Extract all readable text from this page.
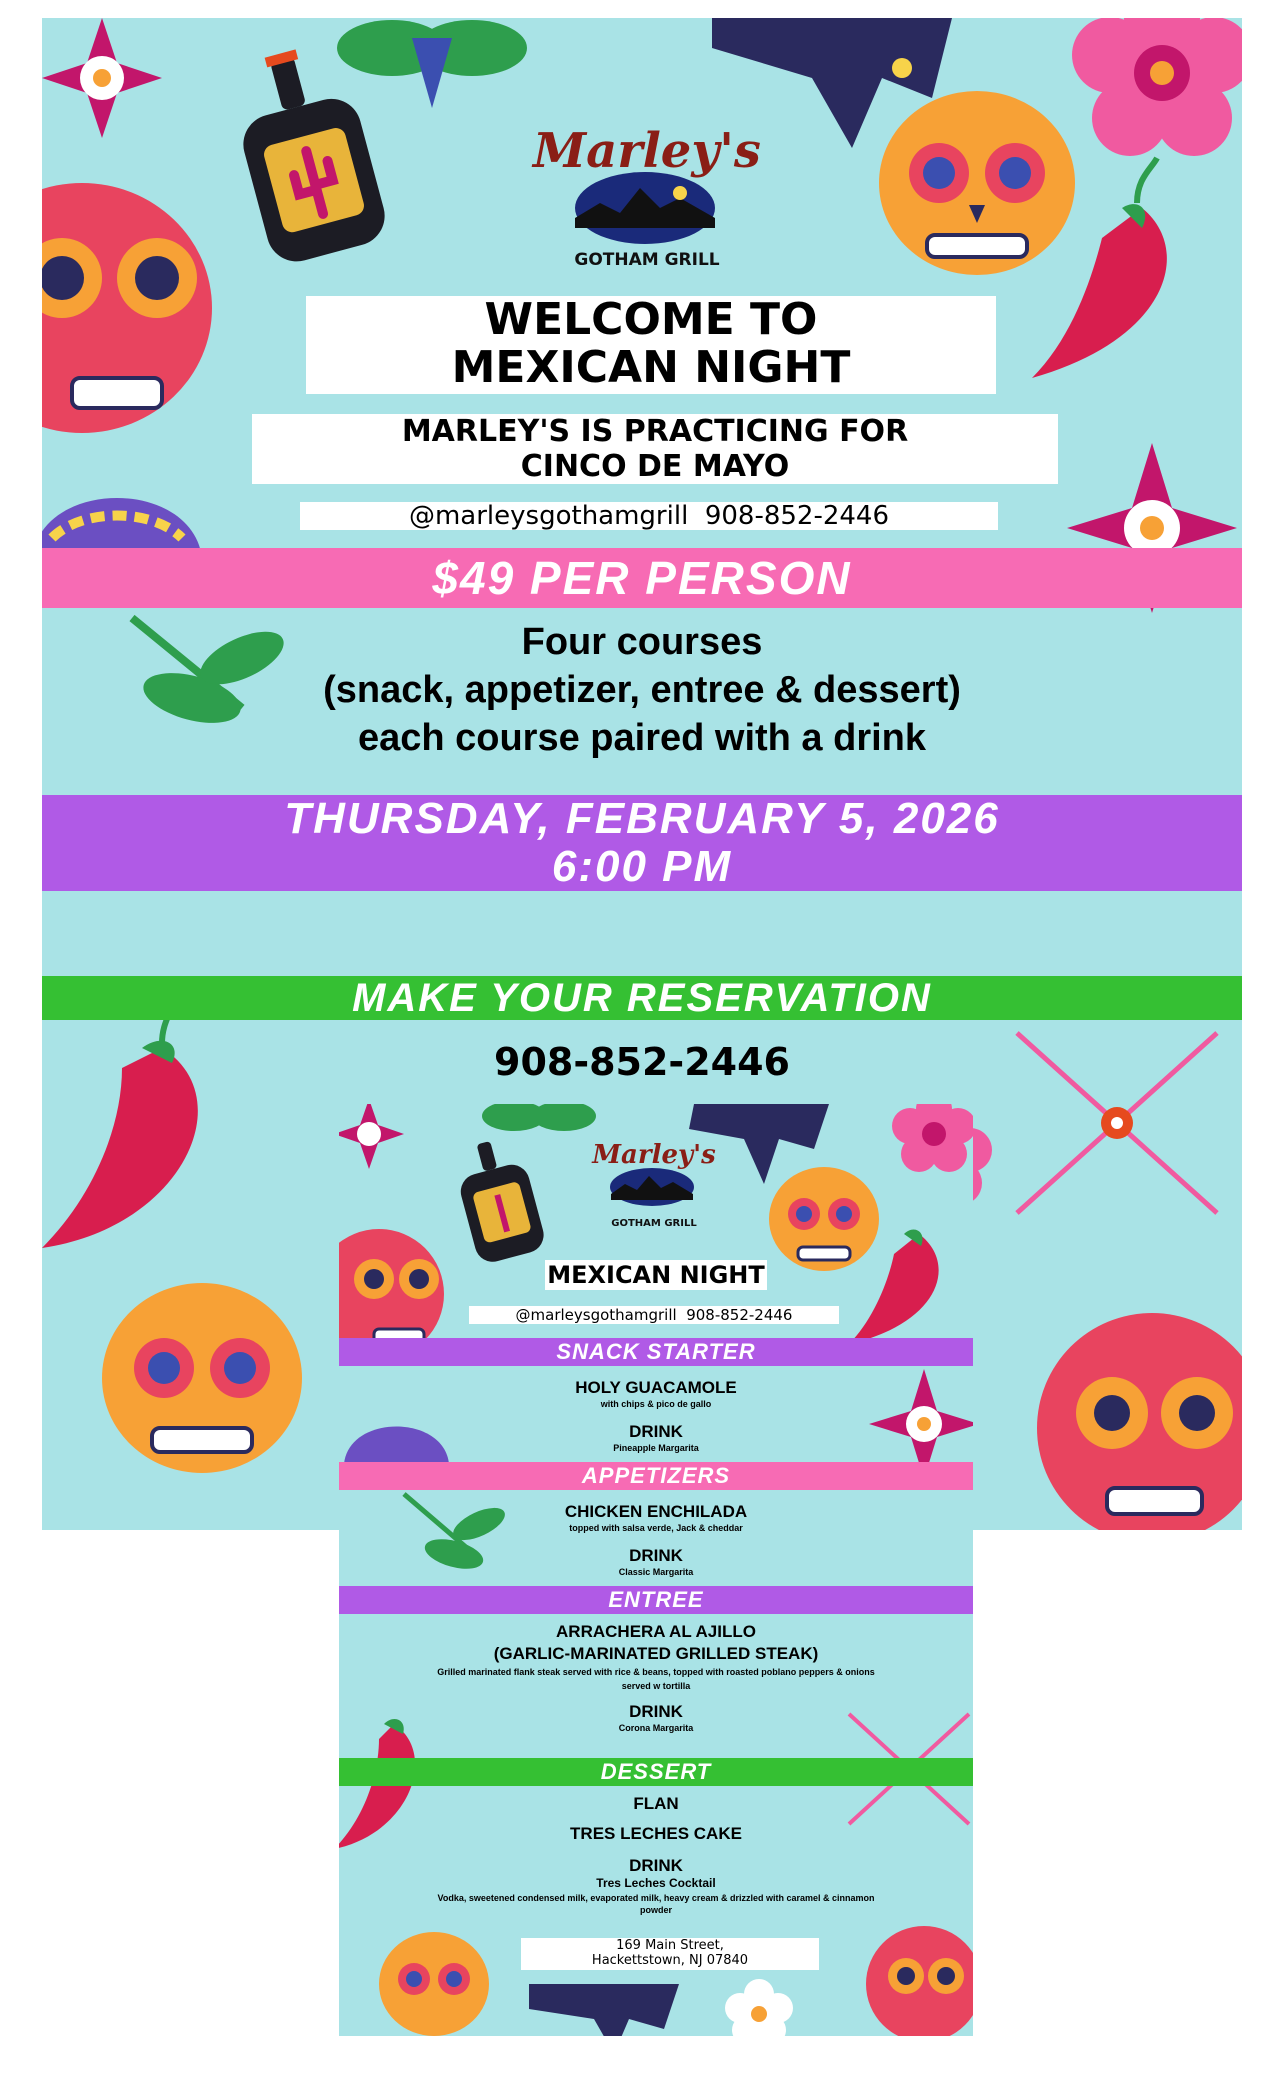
Marley's
GOTHAM GRILL
WELCOME TO
MEXICAN NIGHT
MARLEY'S IS PRACTICING FOR
CINCO DE MAYO
@marleysgothamgrill  908-852-2446
$49 PER PERSON
Four courses
(snack, appetizer, entree & dessert)
each course paired with a drink
THURSDAY, FEBRUARY 5, 2026
6:00 PM
MAKE YOUR RESERVATION
908-852-2446
Marley's
GOTHAM GRILL
MEXICAN NIGHT
@marleysgothamgrill  908-852-2446
SNACK STARTER
HOLY GUACAMOLE
with chips & pico de gallo
DRINK
Pineapple Margarita
APPETIZERS
CHICKEN ENCHILADA
topped with salsa verde, Jack & cheddar
DRINK
Classic Margarita
ENTREE
ARRACHERA AL AJILLO
(GARLIC-MARINATED GRILLED STEAK)
Grilled marinated flank steak served with rice & beans, topped with roasted poblano peppers & onions
served w tortilla
DRINK
Corona Margarita
DESSERT
FLAN
TRES LECHES CAKE
DRINK
Tres Leches Cocktail
Vodka, sweetened condensed milk, evaporated milk, heavy cream & drizzled with caramel & cinnamon
powder
169 Main Street,
Hackettstown, NJ 07840
